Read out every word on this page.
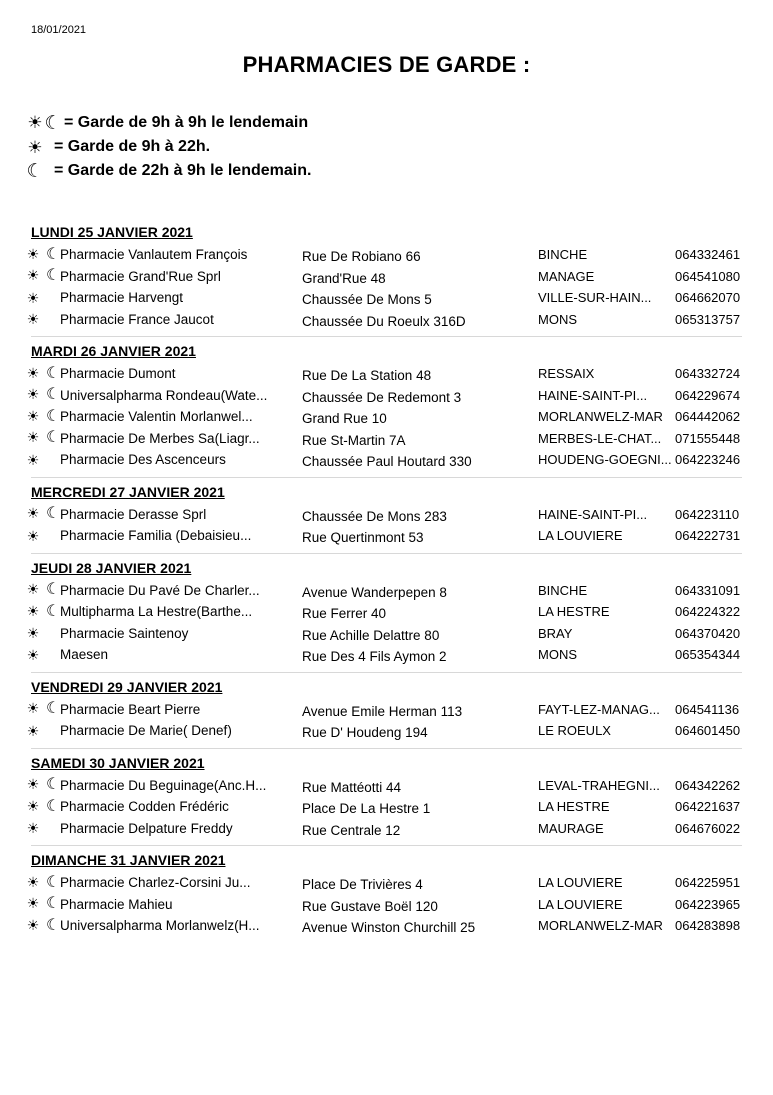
18/01/2021
PHARMACIES DE GARDE :
☀ ☾ = Garde de 9h à 9h le lendemain
☀ = Garde de 9h à 22h.
☾ = Garde de 22h à 9h le lendemain.
LUNDI 25 JANVIER 2021
☀ ☾ Pharmacie Vanlautem François	Rue De Robiano 66	BINCHE	064332461
☀ ☾ Pharmacie Grand'Rue Sprl	Grand'Rue 48	MANAGE	064541080
☀ Pharmacie Harvengt	Chaussée De Mons 5	VILLE-SUR-HAIN...	064662070
☀ Pharmacie France Jaucot	Chaussée Du Roeulx 316D	MONS	065313757
MARDI 26 JANVIER 2021
☀ ☾ Pharmacie Dumont	Rue De La Station 48	RESSAIX	064332724
☀ ☾ Universalpharma Rondeau(Wate...	Chaussée De Redemont 3	HAINE-SAINT-PI...	064229674
☀ ☾ Pharmacie Valentin Morlanwel...	Grand Rue 10	MORLANWELZ-MAR 064442062
☀ ☾ Pharmacie De Merbes Sa(Liagr...	Rue St-Martin 7A	MERBES-LE-CHAT...	071555448
☀ Pharmacie Des Ascenceurs	Chaussée Paul Houtard 330	HOUDENG-GOEGNI... 064223246
MERCREDI 27 JANVIER 2021
☀ ☾ Pharmacie Derasse Sprl	Chaussée De Mons 283	HAINE-SAINT-PI...	064223110
☀ Pharmacie Familia (Debaisieu...	Rue Quertinmont 53	LA LOUVIERE	064222731
JEUDI 28 JANVIER 2021
☀ ☾ Pharmacie Du Pavé De Charler...	Avenue Wanderpepen 8	BINCHE	064331091
☀ ☾ Multipharma La Hestre(Barthe...	Rue Ferrer 40	LA HESTRE	064224322
☀ Pharmacie Saintenoy	Rue Achille Delattre 80	BRAY	064370420
☀ Maesen	Rue Des 4 Fils Aymon 2	MONS	065354344
VENDREDI 29 JANVIER 2021
☀ ☾ Pharmacie Beart Pierre	Avenue Emile Herman 113	FAYT-LEZ-MANAG...	064541136
☀ Pharmacie De Marie( Denef)	Rue D' Houdeng 194	LE ROEULX	064601450
SAMEDI 30 JANVIER 2021
☀ ☾ Pharmacie Du Beguinage(Anc.H...	Rue Mattéotti 44	LEVAL-TRAHEGNI...	064342262
☀ ☾ Pharmacie Codden Frédéric	Place De La Hestre 1	LA HESTRE	064221637
☀ Pharmacie Delpature Freddy	Rue Centrale 12	MAURAGE	064676022
DIMANCHE 31 JANVIER 2021
☀ ☾ Pharmacie Charlez-Corsini Ju...	Place De Trivières 4	LA LOUVIERE	064225951
☀ ☾ Pharmacie Mahieu	Rue Gustave Boël 120	LA LOUVIERE	064223965
☀ ☾ Universalpharma Morlanwelz(H...	Avenue Winston Churchill 25	MORLANWELZ-MAR 064283898
